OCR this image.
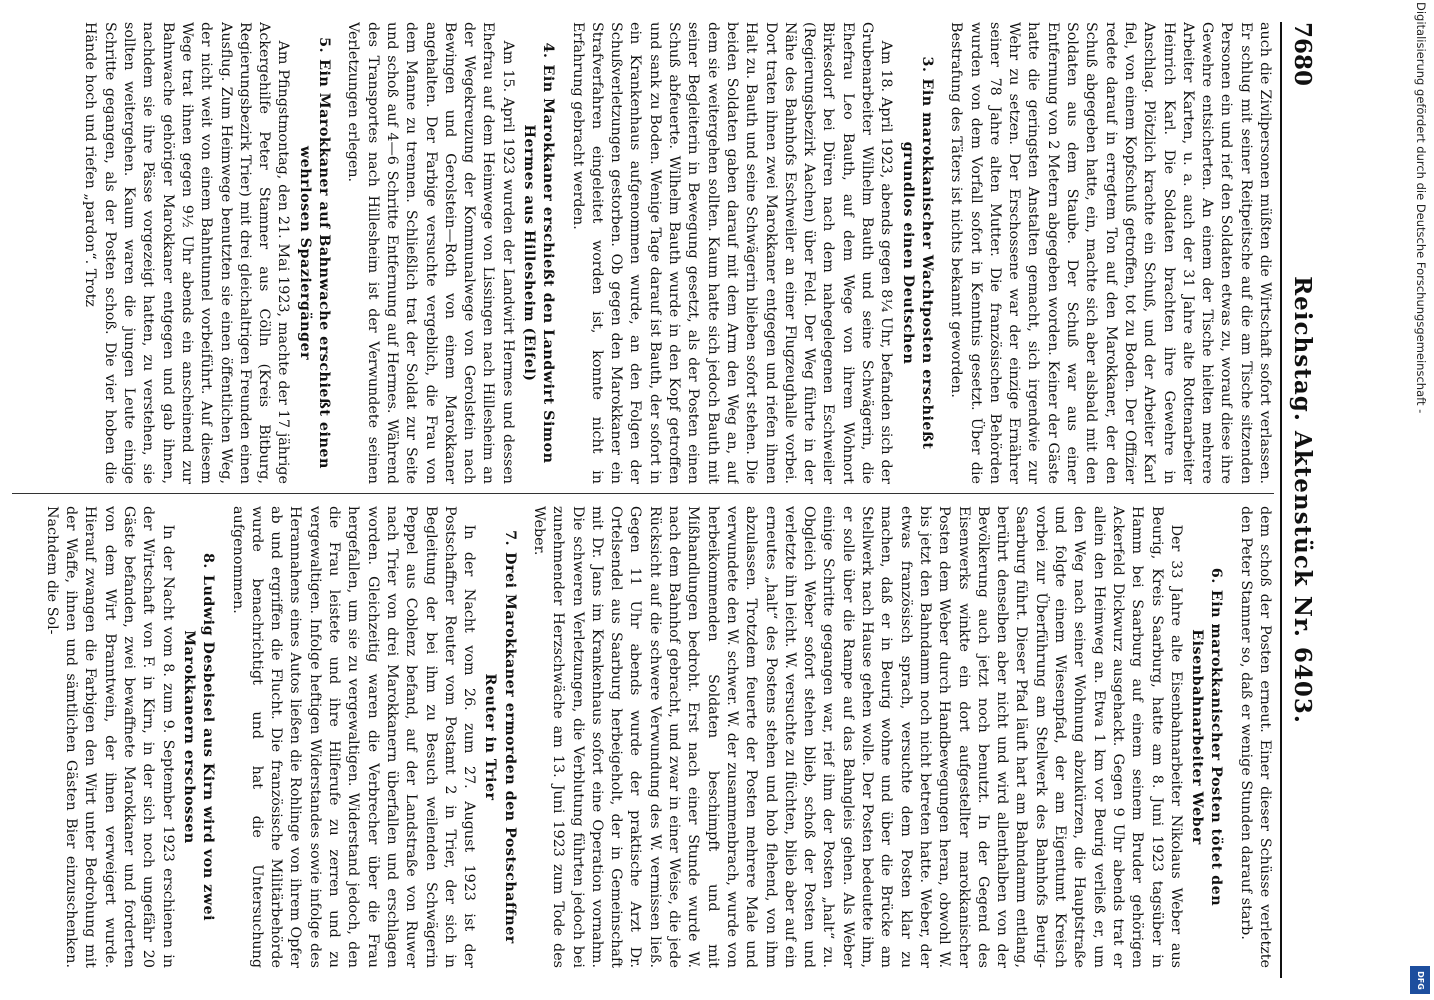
7680
Reichstag. Aktenstück Nr. 6403.
auch die Zivilpersonen müßten die Wirtschaft sofort verlassen. Er schlug mit seiner Reitpeitsche auf die am Tische sitzenden Personen ein und rief den Soldaten etwas zu, worauf diese ihre Gewehre entsicherten. An einem der Tische hielten mehrere Arbeiter Karten, u. a. auch der 31 Jahre alte Rottenarbeiter Heinrich Karl. Die Soldaten brachten ihre Gewehre in Anschlag. Plötzlich krachte ein Schuß, und der Arbeiter Karl fiel, von einem Kopfschuß getroffen, tot zu Boden. Der Offizier redete darauf in erregtem Ton auf den Marokkaner, der den Schuß abgegeben hatte, ein, machte sich aber alsbald mit den Soldaten aus dem Staube. Der Schuß war aus einer Entfernung von 2 Metern abgegeben worden. Keiner der Gäste hatte die geringsten Anstalten gemacht, sich irgendwie zur Wehr zu setzen. Der Erschossene war der einzige Ernährer seiner 78 Jahre alten Mutter. Die französischen Behörden wurden von dem Vorfall sofort in Kenntnis gesetzt. Über die Bestrafung des Täters ist nichts bekannt geworden.
3.Ein marokkanischer Wachtposten erschießt grundlos einen Deutschen
Am 18. April 1923, abends gegen 8¼ Uhr, befanden sich der Grubenarbeiter Wilhelm Bauth und seine Schwägerin, die Ehefrau Leo Bauth, auf dem Wege von ihrem Wohnort Birkesdorf bei Düren nach dem nahegelegenen Eschweiler (Regierungsbezirk Aachen) über Feld. Der Weg führte in der Nähe des Bahnhofs Eschweiler an einer Flugzeughalle vorbei. Dort traten ihnen zwei Marokkaner entgegen und riefen ihnen Halt zu. Bauth und seine Schwägerin blieben sofort stehen. Die beiden Soldaten gaben darauf mit dem Arm den Weg an, auf dem sie weitergehen sollten. Kaum hatte sich jedoch Bauth mit seiner Begleiterin in Bewegung gesetzt, als der Posten einen Schuß abfeuerte. Wilhelm Bauth wurde in den Kopf getroffen und sank zu Boden. Wenige Tage darauf ist Bauth, der sofort in ein Krankenhaus aufgenommen wurde, an den Folgen der Schußverletzungen gestorben. Ob gegen den Marokkaner ein Strafverfahren eingeleitet worden ist, konnte nicht in Erfahrung gebracht werden.
4.Ein Marokkaner erschießt den Landwirt Simon Hermes aus Hillesheim (Eifel)
Am 15. April 1923 wurden der Landwirt Hermes und dessen Ehefrau auf dem Heimwege von Lissingen nach Hillesheim an der Wegekreuzung der Kommunalwege von Gerolstein nach Bewingen und Gerolstein—Roth von einem Marokkaner angehalten. Der Farbige versuchte vergeblich, die Frau von dem Manne zu trennen. Schließlich trat der Soldat zur Seite und schoß auf 4—6 Schritte Entfernung auf Hermes. Während des Transportes nach Hillesheim ist der Verwundete seinen Verletzungen erlegen.
5.Ein Marokkaner auf Bahnwache erschießt einen wehrlosen Spaziergänger
Am Pfingstmontag, den 21. Mai 1923, machte der 17 jährige Ackergehilfe Peter Stamner aus Cölln (Kreis Bitburg, Regierungsbezirk Trier) mit drei gleichaltrigen Freunden einen Ausflug. Zum Heimwege benutzten sie einen öffentlichen Weg, der nicht weit von einem Bahntunnel vorbeiführt. Auf diesem Wege trat ihnen gegen 9½ Uhr abends ein anscheinend zur Bahnwache gehöriger Marokkaner entgegen und gab ihnen, nachdem sie ihre Pässe vorgezeigt hatten, zu verstehen, sie sollten weitergehen. Kaum waren die jungen Leute einige Schritte gegangen, als der Posten schoß. Die vier hoben die Hände hoch und riefen „pardon“. Trotz
dem schoß der Posten erneut. Einer dieser Schüsse verletzte den Peter Stamner so, daß er wenige Stunden darauf starb.
6.Ein marokkanischer Posten tötet den Eisenbahnarbeiter Weber
Der 33 Jahre alte Eisenbahnarbeiter Nikolaus Weber aus Beurig, Kreis Saarburg, hatte am 8. Juni 1923 tagsüber in Hamm bei Saarburg auf einem seinem Bruder gehörigen Ackerfeld Dickwurz ausgehackt. Gegen 9 Uhr abends trat er allein den Heimweg an. Etwa 1 km vor Beurig verließ er, um den Weg nach seiner Wohnung abzukürzen, die Hauptstraße und folgte einem Wiesenpfad, der am Eigentumt Kreisch vorbei zur Überführung am Stellwerk des Bahnhofs Beurig-Saarburg führt. Dieser Pfad läuft hart am Bahndamm entlang, berührt denselben aber nicht und wird allenthalben von der Bevölkerung auch jetzt noch benutzt. In der Gegend des Eisenwerks winkte ein dort aufgestellter marokkanischer Posten dem Weber durch Handbewegungen heran, obwohl W. bis jetzt den Bahndamm noch nicht betreten hatte. Weber, der etwas französisch sprach, versuchte dem Posten klar zu machen, daß er in Beurig wohne und über die Brücke am Stellwerk nach Hause gehen wolle. Der Posten bedeutete ihm, er solle über die Rampe auf das Bahngleis gehen. Als Weber einige Schritte gegangen war, rief ihm der Posten „halt“ zu. Obgleich Weber sofort stehen blieb, schoß der Posten und verletzte ihn leicht. W. versuchte zu flüchten, blieb aber auf ein erneutes „halt“ des Postens stehen und hob flehend, von ihm abzulassen. Trotzdem feuerte der Posten mehrere Male und verwundete den W. schwer. W. der zusammenbrach, wurde von herbeikommenden Soldaten beschimpft und mit Mißhandlungen bedroht. Erst nach einer Stunde wurde W. nach dem Bahnhof gebracht, und zwar in einer Weise, die jede Rücksicht auf die schwere Verwundung des W. vermissen ließ. Gegen 11 Uhr abends wurde der praktische Arzt Dr. Ortelsendel aus Saarburg herbeigeholt, der in Gemeinschaft mit Dr. Jans im Krankenhaus sofort eine Operation vornahm. Die schweren Verletzungen, die Verblutung führten jedoch bei zunehmender Herzschwäche am 13. Juni 1923 zum Tode des Weber.
7.Drei Marokkaner ermorden den Postschaffner Reuter in Trier
In der Nacht vom 26. zum 27. August 1923 ist der Postschaffner Reuter vom Postamt 2 in Trier, der sich in Begleitung der bei ihm zu Besuch weilenden Schwägerin Peppel aus Coblenz befand, auf der Landstraße von Ruwer nach Trier von drei Marokkanern überfallen und erschlagen worden. Gleichzeitig waren die Verbrecher über die Frau hergefallen, um sie zu vergewaltigen. Widerstand jedoch, den die Frau leistete und ihre Hilferufe zu zerren und zu vergewaltigen. Infolge heftigen Widerstandes sowie infolge des Herannahens eines Autos ließen die Rohlinge von ihrem Opfer ab und ergriffen die Flucht. Die französische Militärbehörde wurde benachrichtigt und hat die Untersuchung aufgenommen.
8.Ludwig Desbeisel aus Kirn wird von zwei Marokkanern erschossen
In der Nacht vom 8. zum 9. September 1923 erschienen in der Wirtschaft von F. in Kirn, in der sich noch ungefähr 20 Gäste befanden, zwei bewaffnete Marokkaner und forderten von dem Wirt Branntwein, der ihnen verweigert wurde. Hierauf zwangen die Farbigen den Wirt unter Bedrohung mit der Waffe, ihnen und sämtlichen Gästen Bier einzuschenken. Nachdem die Sol-
Digitalisierung gefördert durch die Deutsche Forschungsgemeinschaft -
DFG
